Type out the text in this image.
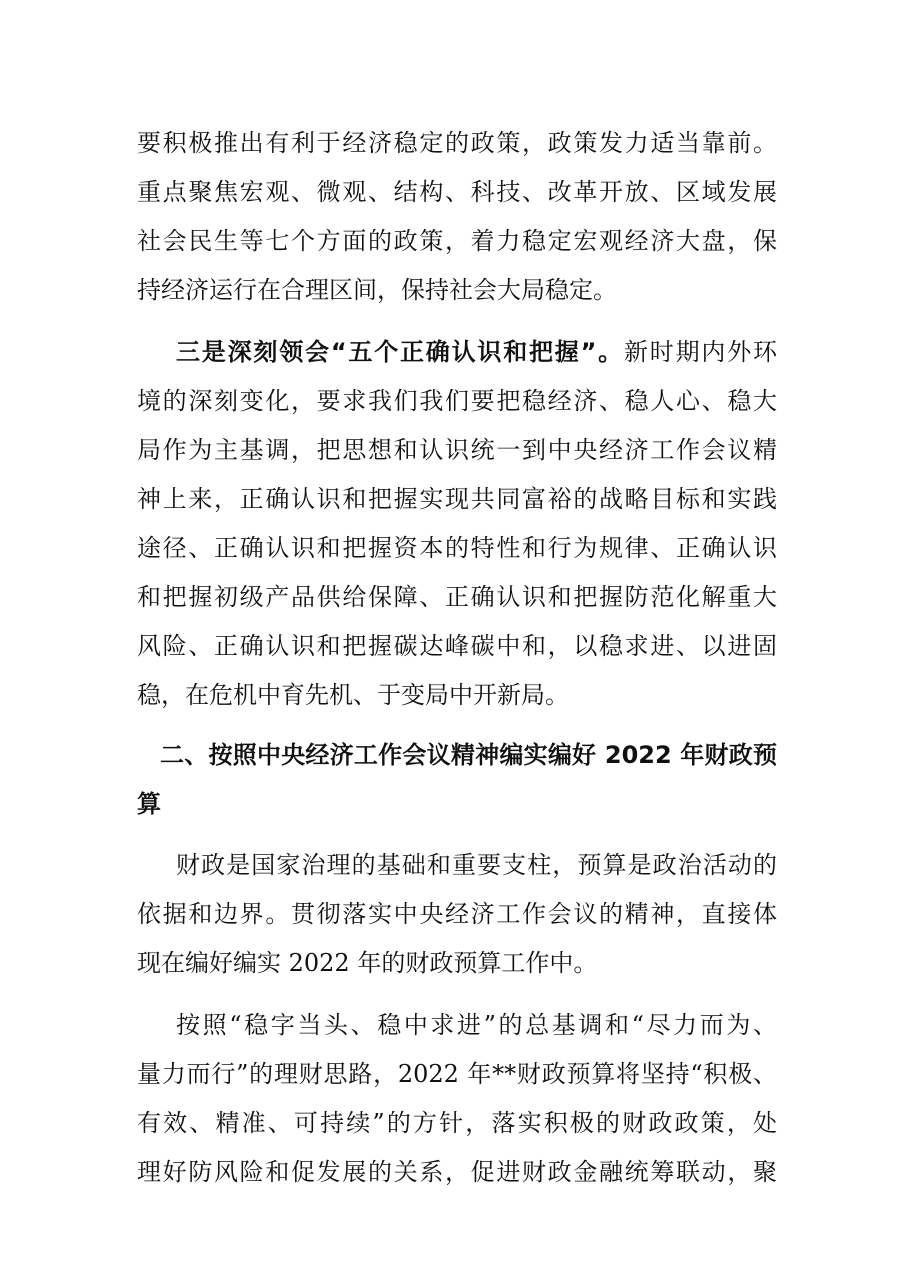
要积极推出有利于经济稳定的政策，政策发力适当靠前。
重点聚焦宏观、微观、结构、科技、改革开放、区域发展
社会民生等七个方面的政策，着力稳定宏观经济大盘，保
持经济运行在合理区间，保持社会大局稳定。
三是深刻领会“五个正确认识和把握”。新时期内外环
境的深刻变化，要求我们我们要把稳经济、稳人心、稳大
局作为主基调，把思想和认识统一到中央经济工作会议精
神上来，正确认识和把握实现共同富裕的战略目标和实践
途径、正确认识和把握资本的特性和行为规律、正确认识
和把握初级产品供给保障、正确认识和把握防范化解重大
风险、正确认识和把握碳达峰碳中和，以稳求进、以进固
稳，在危机中育先机、于变局中开新局。
二、按照中央经济工作会议精神编实编好 2022 年财政预
算
财政是国家治理的基础和重要支柱，预算是政治活动的
依据和边界。贯彻落实中央经济工作会议的精神，直接体
现在编好编实 2022 年的财政预算工作中。
按照“稳字当头、稳中求进”的总基调和“尽力而为、
量力而行”的理财思路，2022 年**财政预算将坚持“积极、
有效、精准、可持续”的方针，落实积极的财政政策，处
理好防风险和促发展的关系，促进财政金融统筹联动，聚
